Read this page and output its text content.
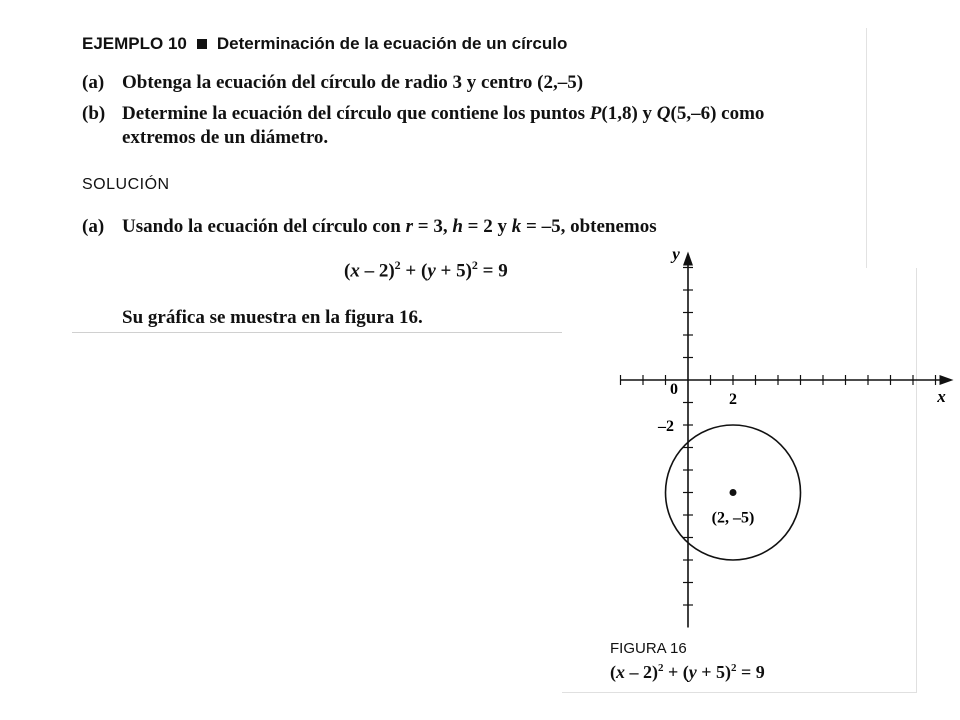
EJEMPLO 10 Determinación de la ecuación de un círculo
(a) Obtenga la ecuación del círculo de radio 3 y centro (2,–5)
(b) Determine la ecuación del círculo que contiene los puntos P(1,8) y Q(5,–6) como
extremos de un diámetro.
SOLUCIÓN
(a) Usando la ecuación del círculo con r = 3, h = 2 y k = –5, obtenemos
$(x - 2)^2 + (y + 5)^2 = 9$
Su gráfica se muestra en la figura 16.
x
y
0
2
–2
(2, –5)
FIGURA 16
$(x - 2)^2 + (y + 5)^2 = 9$
